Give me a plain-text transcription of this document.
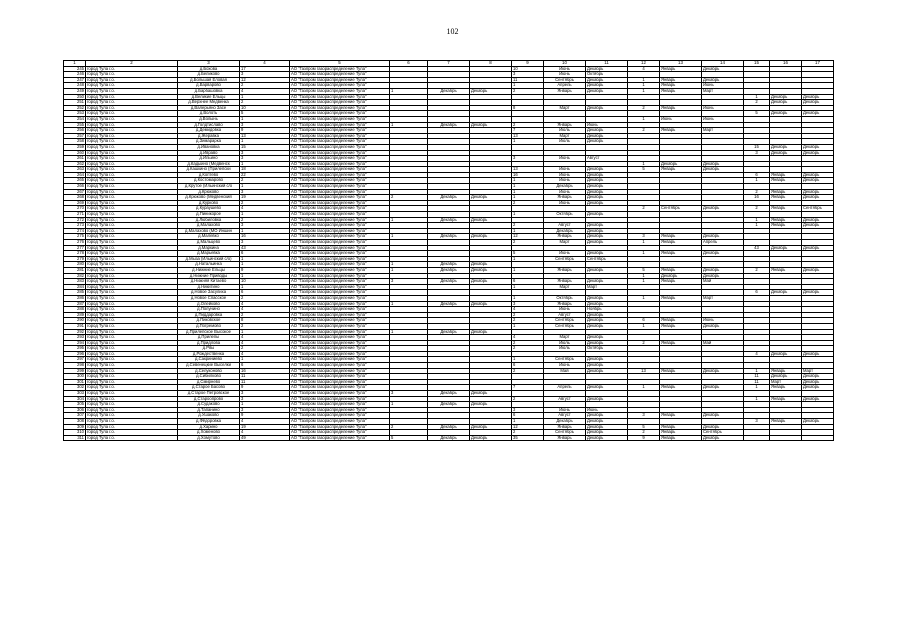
102
1	2	3	4	5	6	7	8	9	10	11	12	13	14	15	16	17
245	город Тула г.о.	д.Бохова	17	АО "Газпром газораспределение Тула"				10	Июнь	Декабрь	4	Январь	Декабрь			
246	город Тула г.о.	д.Беликово	3	АО "Газпром газораспределение Тула"				3	Июнь	Октябрь						
247	город Тула г.о.	д.Большая Еловая	12	АО "Газпром газораспределение Тула"				11	Сентябрь	Декабрь	1	Январь	Декабрь			
248	город Тула г.о.	д.Варварово	2	АО "Газпром газораспределение Тула"				1	Апрель	Декабрь	1	Январь	Июнь			
249	город Тула г.о.	д.Барбашовка	4	АО "Газпром газораспределение Тула"	1	Декабрь	Декабрь	2	Январь	Декабрь	1	Январь	Март			
250	город Тула г.о.	д.Великие Ельцы	1	АО "Газпром газораспределение Тула"										1	Декабрь	Декабрь
251	город Тула г.о.	д.Верхнее Медвенка	2	АО "Газпром газораспределение Тула"										2	Декабрь	Декабрь
252	город Тула г.о.	д.Валерьяно Засе	10	АО "Газпром газораспределение Тула"				8	Март	Декабрь	2	Январь	Июнь			
253	город Тула г.о.	д.Волоть	5	АО "Газпром газораспределение Тула"										5	Декабрь	Декабрь
254	город Тула г.о.	д.Волынь	1	АО "Газпром газораспределение Тула"							1	Июнь	Июнь			
255	город Тула г.о.	д.Голдтиславо	3	АО "Газпром газораспределение Тула"	1	Декабрь	Декабрь	2	Январь	Июнь						
256	город Тула г.о.	д.Демидовка	9	АО "Газпром газораспределение Тула"				7	Июль	Декабрь	2	Январь	Март			
257	город Тула г.о.	д.Жеравка	13	АО "Газпром газораспределение Тула"				13	Март	Декабрь						
258	город Тула г.о.	д.Зимарарка	1	АО "Газпром газораспределение Тула"				1	Июль	Декабрь						
259	город Тула г.о.	д.Ивановка	15	АО "Газпром газораспределение Тула"										15	Декабрь	Декабрь
260	город Тула г.о.	д.Ивраво	3	АО "Газпром газораспределение Тула"										3	Декабрь	Декабрь
261	город Тула г.о.	д.Ильино	3	АО "Газпром газораспределение Тула"				3	Июнь	Август						
262	город Тула г.о.	д.Кадыино (Медвенск	1	АО "Газпром газораспределение Тула"							1	Декабрь	Декабрь			
263	город Тула г.о.	д.Кашкино (Прилепски	18	АО "Газпром газораспределение Тула"				13	Июнь	Декабрь	5	Январь	Декабрь			
264	город Тула г.о.	д.Коптево	22	АО "Газпром газораспределение Тула"				16	Июнь	Декабрь				6	Январь	Декабрь
265	город Тула г.о.	д.Костомарово	2	АО "Газпром газораспределение Тула"				1	Июнь	Декабрь				1	Январь	Декабрь
266	город Тула г.о.	д.Крутое (Ильинский с/о	1	АО "Газпром газораспределение Тула"				1	Декабрь	Декабрь						
267	город Тула г.о.	д.Крюково	3	АО "Газпром газораспределение Тула"				1	Июнь	Декабрь				2	Январь	Декабрь
268	город Тула г.о.	д.Крюково (Медвенский	19	АО "Газпром газораспределение Тула"	2	Декабрь	Декабрь	1	Январь	Декабрь				16	Январь	Декабрь
269	город Тула г.о.	д.Курково	2	АО "Газпром газораспределение Тула"				2	Июнь	Декабрь						
270	город Тула г.о.	д.Кураушево	4	АО "Газпром газораспределение Тула"							2	Сентябрь	Декабрь	2	Январь	Сентябрь
271	город Тула г.о.	д.Пиникорое	1	АО "Газпром газораспределение Тула"				1	Октябрь	Декабрь						
272	город Тула г.о.	д.Любиловка	2	АО "Газпром газораспределение Тула"	1	Декабрь	Декабрь							1	Январь	Декабрь
273	город Тула г.о.	д.Малахово	3	АО "Газпром газораспределение Тула"				2	Август	Декабрь				1	Январь	Декабрь
274	город Тула г.о.	д.Малахово (МО Иншин	1	АО "Газпром газораспределение Тула"				1	Декабрь	Декабрь						
275	город Тула г.о.	д.Малевко	16	АО "Газпром газораспределение Тула"	1	Декабрь	Декабрь	12	Январь	Декабрь	3	Январь	Декабрь			
276	город Тула г.о.	д.Мальцево	3	АО "Газпром газораспределение Тула"				2	Март	Декабрь	1	Январь	Апрель			
277	город Тула г.о.	д.Маркина	43	АО "Газпром газораспределение Тула"										43	Декабрь	Декабрь
278	город Тула г.о.	д.Марьевка	6	АО "Газпром газораспределение Тула"				5	Июнь	Декабрь	1	Январь	Декабрь			
279	город Тула г.о.	д.Мыза (Ильинский с/о)	1	АО "Газпром газораспределение Тула"				1	Сентябрь	Сентябрь						
280	город Тула г.о.	д.Натальинка	1	АО "Газпром газораспределение Тула"	1	Декабрь	Декабрь									
281	город Тула г.о.	д.Нижние Ельцы	9	АО "Газпром газораспределение Тула"	1	Декабрь	Декабрь	1	Январь	Декабрь	5	Январь	Декабрь	2	Январь	Декабрь
282	город Тула г.о.	д.Нижние Приводы	1	АО "Газпром газораспределение Тула"							1	Декабрь	Декабрь			
283	город Тула г.о.	д.Нижняя Китаево	10	АО "Газпром газораспределение Тула"	3	Декабрь	Декабрь	6	Январь	Декабрь	1	Январь	Май			
284	город Тула г.о.	д.Никитино	1	АО "Газпром газораспределение Тула"				1	Март	Март						
285	город Тула г.о.	д.Новое Засулиха	6	АО "Газпром газораспределение Тула"										6	Декабрь	Декабрь
286	город Тула г.о.	д.Новое Спасское	2	АО "Газпром газораспределение Тула"				1	Октябрь	Декабрь	1	Январь	Март			
287	город Тула г.о.	д.Олейково	4	АО "Газпром газораспределение Тула"	1	Декабрь	Декабрь	3	Январь	Декабрь						
288	город Тула г.о.	д.Полунино	4	АО "Газпром газораспределение Тула"				4	Июнь	Ноябрь						
289	город Тула г.о.	д.Пиддаровка	2	АО "Газпром газораспределение Тула"				2	Август	Декабрь						
290	город Тула г.о.	д.Пиковское	8	АО "Газпром газораспределение Тула"				2	Сентябрь	Декабрь	6	Январь	Июнь			
291	город Тула г.о.	д.Погремово	2	АО "Газпром газораспределение Тула"				1	Сентябрь	Декабрь	1	Январь	Декабрь			
292	город Тула г.о.	д.Прилепское Высокое	1	АО "Газпром газораспределение Тула"	1	Декабрь	Декабрь									
293	город Тула г.о.	д.Прилепы	4	АО "Газпром газораспределение Тула"				4	Март	Декабрь						
294	город Тула г.о.	д.Придлова	4	АО "Газпром газораспределение Тула"				2	Июль	Декабрь	2	Январь	Май			
295	город Тула г.о.	д.Рвы	2	АО "Газпром газораспределение Тула"				2	Июль	Октябрь						
296	город Тула г.о.	д.Рождественка	4	АО "Газпром газораспределение Тула"										4	Декабрь	Декабрь
297	город Тула г.о.	д.Сакриниево	1	АО "Газпром газораспределение Тула"				1	Сентябрь	Декабрь						
298	город Тула г.о.	д.Севенецкие Выселки	6	АО "Газпром газораспределение Тула"				6	Июнь	Декабрь						
299	город Тула г.о.	д.Селуконово	16	АО "Газпром газораспределение Тула"				2	Май	Декабрь	13	Январь	Декабрь	1	Январь	Март
300	город Тула г.о.	д.Сибилково	11	АО "Газпром газораспределение Тула"										11	Декабрь	Декабрь
301	город Тула г.о.	д.Смирнево	11	АО "Газпром газораспределение Тула"										11	Март	Декабрь
302	город Тула г.о.	д.Старое Басово	9	АО "Газпром газораспределение Тула"				7	Апрель	Декабрь	1	Январь	Декабрь	1	Январь	Декабрь
303	город Тула г.о.	д.Старое Петровское	3	АО "Газпром газораспределение Тула"	3	Декабрь	Декабрь									
304	город Тула г.о.	д.Староопрово	3	АО "Газпром газораспределение Тула"				2	Август	Декабрь				1	Январь	Декабрь
305	город Тула г.о.	д.Судаково	1	АО "Газпром газораспределение Тула"	1	Декабрь	Декабрь									
306	город Тула г.о.	д.Тапанино	3	АО "Газпром газораспределение Тула"				3	Июнь	Июнь						
307	город Тула г.о.	д.Ушаково	9	АО "Газпром газораспределение Тула"				6	Август	Декабрь	3	Январь	Декабрь			
308	город Тула г.о.	д.Фёдоровка	4	АО "Газпром газораспределение Тула"				1	Декабрь	Декабрь				3	Январь	Декабрь
309	город Тула г.о.	д.Харино	19	АО "Газпром газораспределение Тула"	2	Декабрь	Декабрь	12	Январь	Декабрь	5	Январь	Декабрь			
310	город Тула г.о.	д.Хоменово	4	АО "Газпром газораспределение Тула"				2	Сентябрь	Декабрь	2	Январь	Сентябрь			
311	город Тула г.о.	д.Хомутово	49	АО "Газпром газораспределение Тула"	5	Декабрь	Декабрь	35	Январь	Декабрь	9	Январь	Декабрь			
